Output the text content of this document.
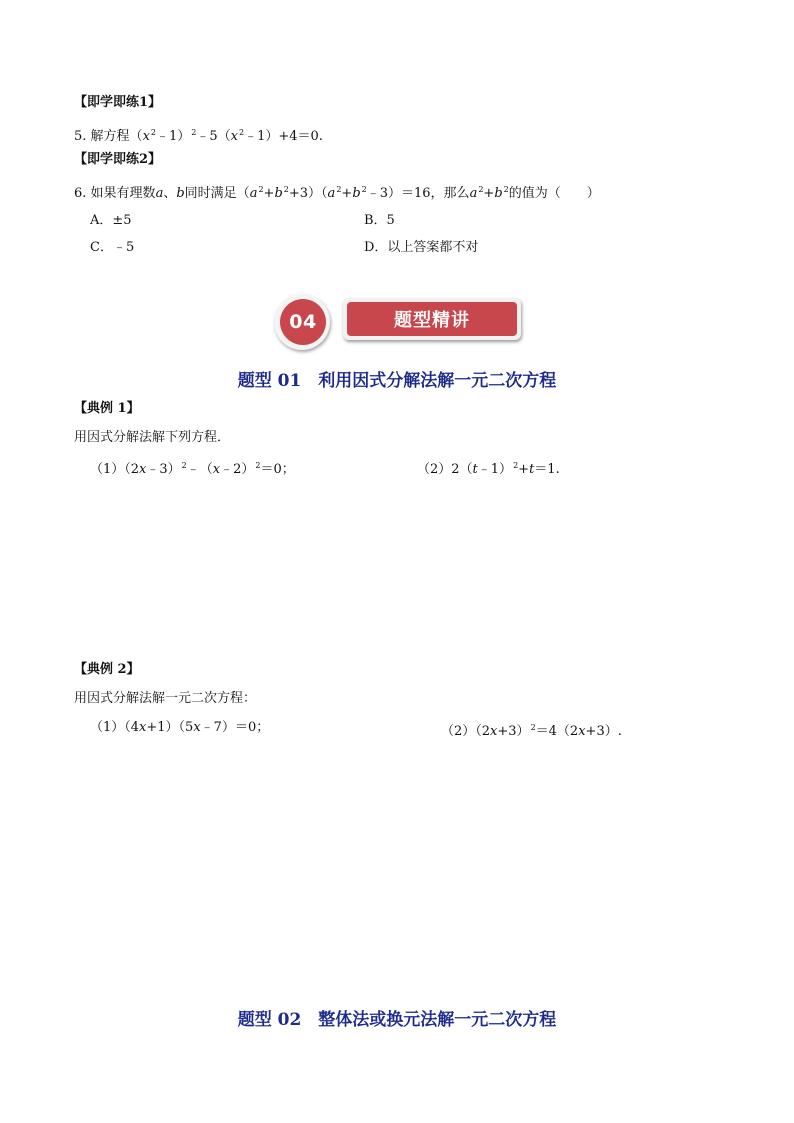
【即学即练1】
5. 解方程$(x^2﹣1)^2﹣5(x^2﹣1)+4=0$.
【即学即练2】
6. 如果有理数a、b同时满足$(a^2+b^2+3)(a^2+b^2﹣3)=16$，那么$a^2+b^2$的值为（　　）
A．±5	B．5
C．﹣5	D．以上答案都不对
04	题型精讲
题型 01　利用因式分解法解一元二次方程
【典例 1】
用因式分解法解下列方程．
（1）（2x﹣3）$^2$﹣（x﹣2）$^2$＝0；	（2）2（t﹣1）$^2$+t＝1.
【典例 2】
用因式分解法解一元二次方程：
（1）（4x+1）（5x﹣7）＝0；	$(2)(2x+3)^2=4(2x+3)$.
题型 02　整体法或换元法解一元二次方程
